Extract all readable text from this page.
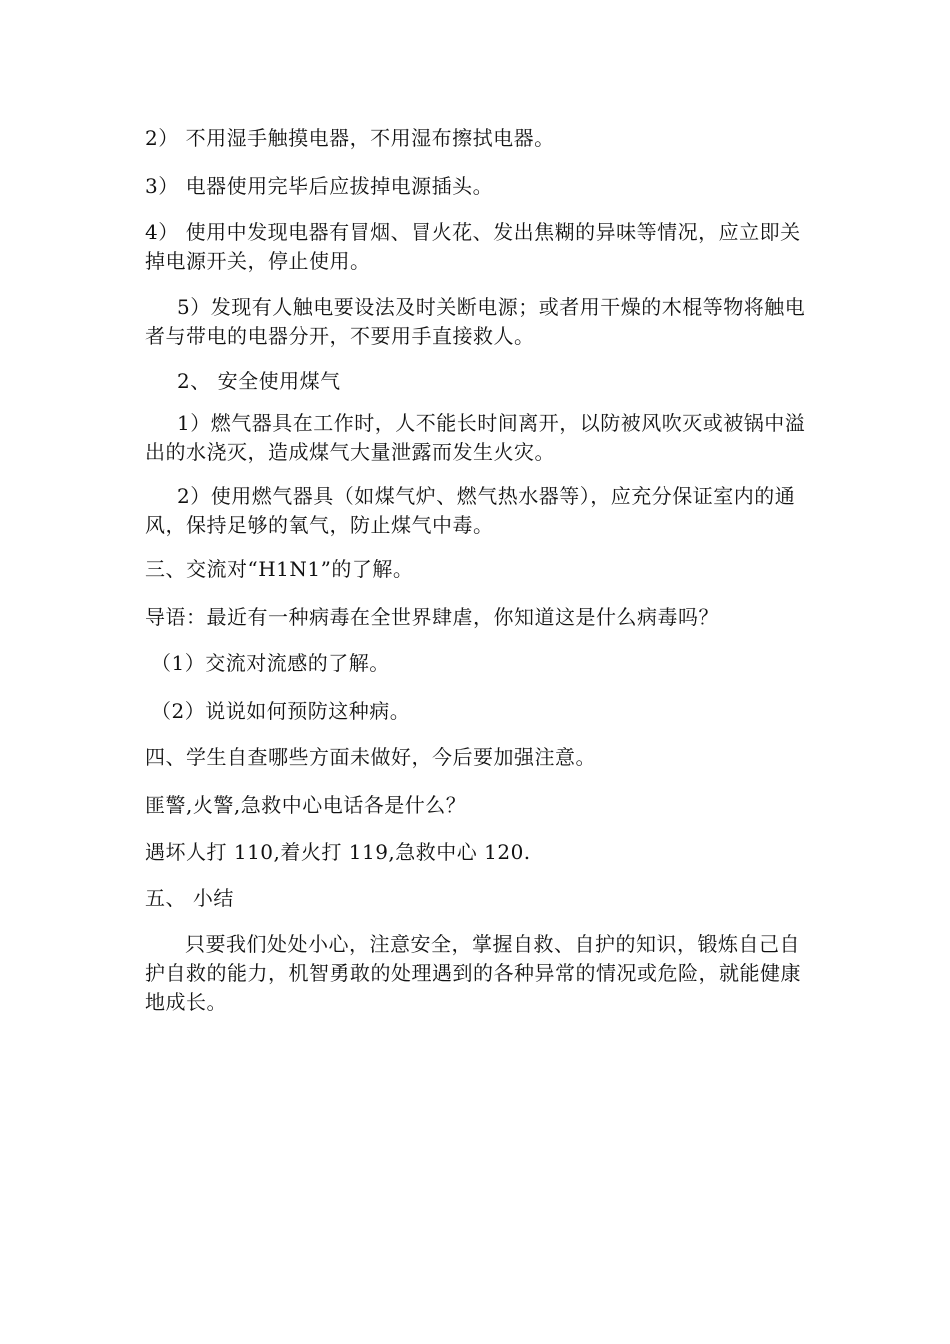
2） 不用湿手触摸电器，不用湿布擦拭电器。

3） 电器使用完毕后应拔掉电源插头。

4） 使用中发现电器有冒烟、冒火花、发出焦糊的异味等情况，应立即关掉电源开关，停止使用。

5）发现有人触电要设法及时关断电源；或者用干燥的木棍等物将触电者与带电的电器分开，不要用手直接救人。

2、 安全使用煤气

1）燃气器具在工作时，人不能长时间离开，以防被风吹灭或被锅中溢出的水浇灭，造成煤气大量泄露而发生火灾。

2）使用燃气器具（如煤气炉、燃气热水器等），应充分保证室内的通风，保持足够的氧气，防止煤气中毒。

三、交流对“H1N1”的了解。

导语：最近有一种病毒在全世界肆虐，你知道这是什么病毒吗？

（1）交流对流感的了解。

（2）说说如何预防这种病。

四、学生自查哪些方面未做好，今后要加强注意。

匪警,火警,急救中心电话各是什么？

遇坏人打 110,着火打 119,急救中心 120.

五、 小结

只要我们处处小心，注意安全，掌握自救、自护的知识，锻炼自己自护自救的能力，机智勇敢的处理遇到的各种异常的情况或危险，就能健康地成长。
